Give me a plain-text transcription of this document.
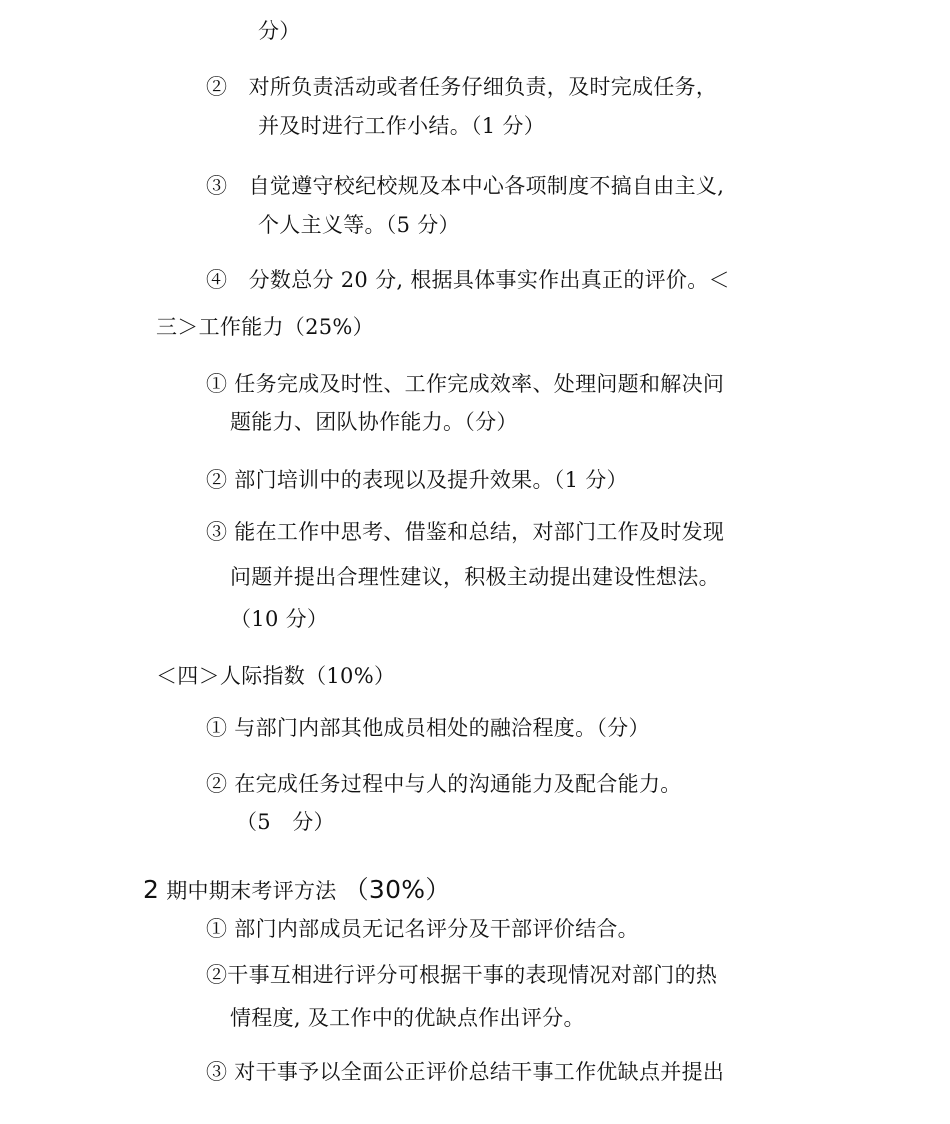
分）
②　对所负责活动或者任务仔细负责，及时完成任务，
并及时进行工作小结。（1 分）
③　自觉遵守校纪校规及本中心各项制度不搞自由主义,
个人主义等。（5 分）
④　分数总分 20 分, 根据具体事实作出真正的评价。＜
三＞工作能力（25%）
① 任务完成及时性、工作完成效率、处理问题和解决问
题能力、团队协作能力。（分）
② 部门培训中的表现以及提升效果。（1 分）
③ 能在工作中思考、借鉴和总结，对部门工作及时发现
问题并提出合理性建议，积极主动提出建设性想法。
（10 分）
＜四＞人际指数（10%）
① 与部门内部其他成员相处的融洽程度。（分）
② 在完成任务过程中与人的沟通能力及配合能力。
（5　分）
2 期中期末考评方法 （30%）
① 部门内部成员无记名评分及干部评价结合。
②干事互相进行评分可根据干事的表现情况对部门的热
情程度, 及工作中的优缺点作出评分。
③ 对干事予以全面公正评价总结干事工作优缺点并提出
